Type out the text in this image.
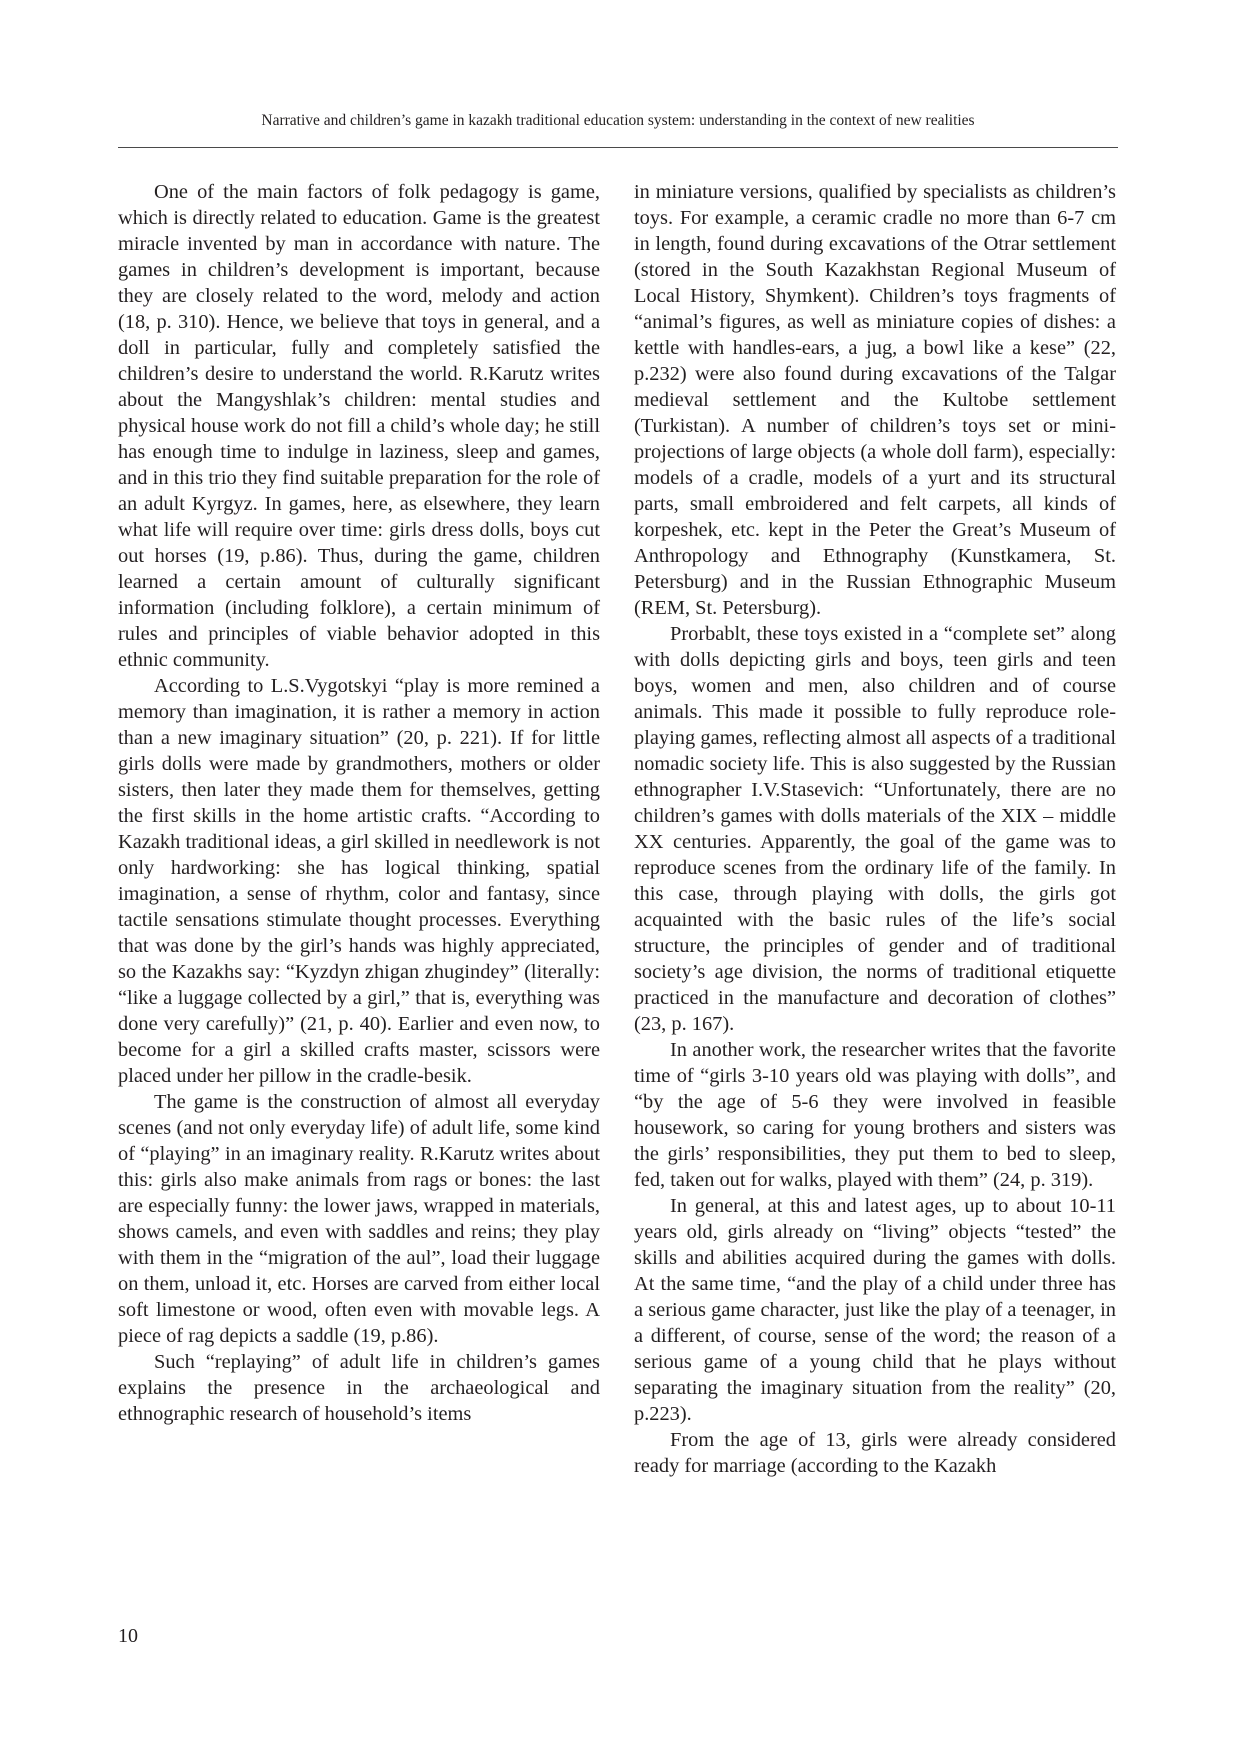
Narrative and children’s game in kazakh traditional education system: understanding in the context of new realities

One of the main factors of folk pedagogy is game, which is directly related to education. Game is the greatest miracle invented by man in accordance with nature. The games in children’s development is important, because they are closely related to the word, melody and action (18, p. 310). Hence, we believe that toys in general, and a doll in particular, fully and completely satisfied the children’s desire to understand the world. R.Karutz writes about the Mangyshlak’s children: mental studies and physical house work do not fill a child’s whole day; he still has enough time to indulge in laziness, sleep and games, and in this trio they find suitable preparation for the role of an adult Kyrgyz. In games, here, as elsewhere, they learn what life will require over time: girls dress dolls, boys cut out horses (19, p.86). Thus, during the game, children learned a certain amount of culturally significant information (including folklore), a certain minimum of rules and principles of viable behavior adopted in this ethnic community.

According to L.S.Vygotskyi “play is more remined a memory than imagination, it is rather a memory in action than a new imaginary situation” (20, p. 221). If for little girls dolls were made by grandmothers, mothers or older sisters, then later they made them for themselves, getting the first skills in the home artistic crafts. “According to Kazakh traditional ideas, a girl skilled in needlework is not only hardworking: she has logical thinking, spatial imagination, a sense of rhythm, color and fantasy, since tactile sensations stimulate thought processes. Everything that was done by the girl’s hands was highly appreciated, so the Kazakhs say: “Kyzdyn zhigan zhugindey” (literally: “like a luggage collected by a girl,” that is, everything was done very carefully)” (21, p. 40). Earlier and even now, to become for a girl a skilled crafts master, scissors were placed under her pillow in the cradle-besik.

The game is the construction of almost all everyday scenes (and not only everyday life) of adult life, some kind of “playing” in an imaginary reality. R.Karutz writes about this: girls also make animals from rags or bones: the last are especially funny: the lower jaws, wrapped in materials, shows camels, and even with saddles and reins; they play with them in the “migration of the aul”, load their luggage on them, unload it, etc. Horses are carved from either local soft limestone or wood, often even with movable legs. A piece of rag depicts a saddle (19, p.86).

Such “replaying” of adult life in children’s games explains the presence in the archaeological and ethnographic research of household’s items

in miniature versions, qualified by specialists as children’s toys. For example, a ceramic cradle no more than 6-7 cm in length, found during excavations of the Otrar settlement (stored in the South Kazakhstan Regional Museum of Local History, Shymkent). Children’s toys fragments of “animal’s figures, as well as miniature copies of dishes: a kettle with handles-ears, a jug, a bowl like a kese” (22, p.232) were also found during excavations of the Talgar medieval settlement and the Kultobe settlement (Turkistan). A number of children’s toys set or mini-projections of large objects (a whole doll farm), especially: models of a cradle, models of a yurt and its structural parts, small embroidered and felt carpets, all kinds of korpeshek, etc. kept in the Peter the Great’s Museum of Anthropology and Ethnography (Kunstkamera, St. Petersburg) and in the Russian Ethnographic Museum (REM, St. Petersburg).

Prorbablt, these toys existed in a “complete set” along with dolls depicting girls and boys, teen girls and teen boys, women and men, also children and of course animals. This made it possible to fully reproduce role-playing games, reflecting almost all aspects of a traditional nomadic society life. This is also suggested by the Russian ethnographer I.V.Stasevich: “Unfortunately, there are no children’s games with dolls materials of the XIX – middle XX centuries. Apparently, the goal of the game was to reproduce scenes from the ordinary life of the family. In this case, through playing with dolls, the girls got acquainted with the basic rules of the life’s social structure, the principles of gender and of traditional society’s age division, the norms of traditional etiquette practiced in the manufacture and decoration of clothes” (23, p. 167).

In another work, the researcher writes that the favorite time of “girls 3-10 years old was playing with dolls”, and “by the age of 5-6 they were involved in feasible housework, so caring for young brothers and sisters was the girls’ responsibilities, they put them to bed to sleep, fed, taken out for walks, played with them” (24, p. 319).

In general, at this and latest ages, up to about 10-11 years old, girls already on “living” objects “tested” the skills and abilities acquired during the games with dolls. At the same time, “and the play of a child under three has a serious game character, just like the play of a teenager, in a different, of course, sense of the word; the reason of a serious game of a young child that he plays without separating the imaginary situation from the reality” (20, p.223).

From the age of 13, girls were already considered ready for marriage (according to the Kazakh

10
